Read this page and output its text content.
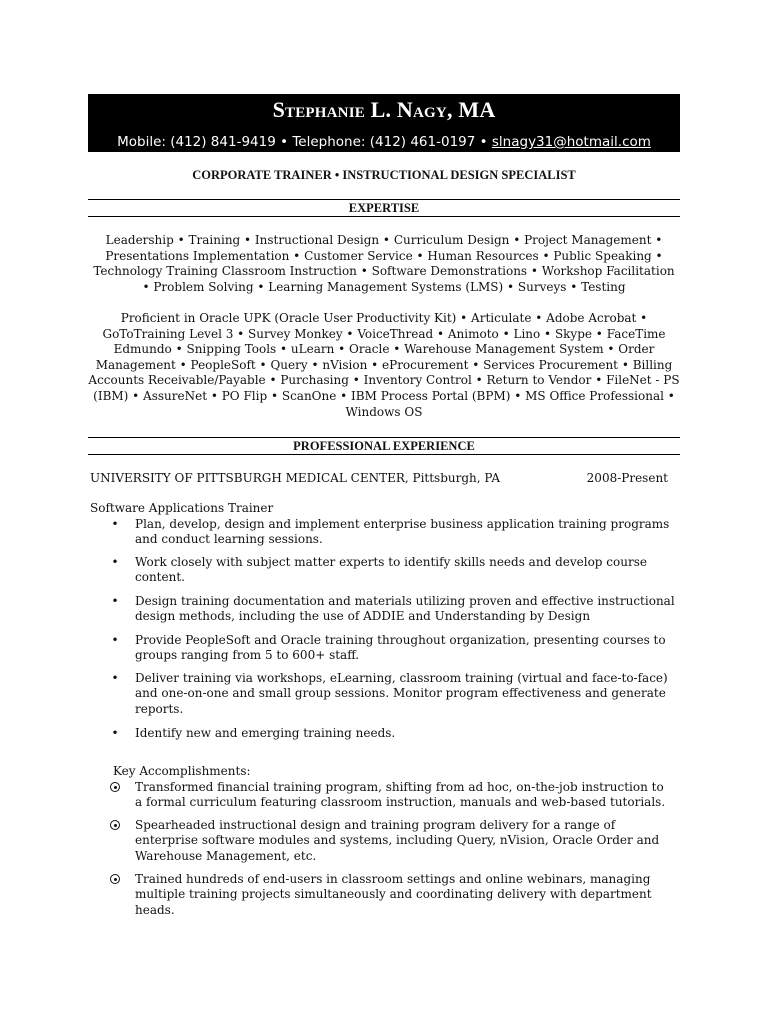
Stephanie L. Nagy, MA
Mobile: (412) 841-9419 • Telephone: (412) 461-0197 • slnagy31@hotmail.com
CORPORATE TRAINER • INSTRUCTIONAL DESIGN SPECIALIST
EXPERTISE
Leadership • Training • Instructional Design • Curriculum Design • Project Management •
Presentations Implementation • Customer Service • Human Resources • Public Speaking •
Technology Training Classroom Instruction • Software Demonstrations • Workshop Facilitation
• Problem Solving • Learning Management Systems (LMS) • Surveys • Testing
Proficient in Oracle UPK (Oracle User Productivity Kit) • Articulate • Adobe Acrobat •
GoToTraining Level 3 • Survey Monkey • VoiceThread • Animoto • Lino • Skype • FaceTime
Edmundo • Snipping Tools • uLearn • Oracle • Warehouse Management System • Order
Management • PeopleSoft • Query • nVision • eProcurement • Services Procurement • Billing
Accounts Receivable/Payable • Purchasing • Inventory Control • Return to Vendor • FileNet - PS
(IBM) • AssureNet • PO Flip • ScanOne • IBM Process Portal (BPM) • MS Office Professional •
Windows OS
PROFESSIONAL EXPERIENCE
UNIVERSITY OF PITTSBURGH MEDICAL CENTER, Pittsburgh, PA	2008-Present
Software Applications Trainer
• Plan, develop, design and implement enterprise business application training programs
and conduct learning sessions.
• Work closely with subject matter experts to identify skills needs and develop course
content.
• Design training documentation and materials utilizing proven and effective instructional
design methods, including the use of ADDIE and Understanding by Design
• Provide PeopleSoft and Oracle training throughout organization, presenting courses to
groups ranging from 5 to 600+ staff.
• Deliver training via workshops, eLearning, classroom training (virtual and face-to-face)
and one-on-one and small group sessions. Monitor program effectiveness and generate
reports.
• Identify new and emerging training needs.
Key Accomplishments:
Transformed financial training program, shifting from ad hoc, on-the-job instruction to
a formal curriculum featuring classroom instruction, manuals and web-based tutorials.
Spearheaded instructional design and training program delivery for a range of
enterprise software modules and systems, including Query, nVision, Oracle Order and
Warehouse Management, etc.
Trained hundreds of end-users in classroom settings and online webinars, managing
multiple training projects simultaneously and coordinating delivery with department
heads.
